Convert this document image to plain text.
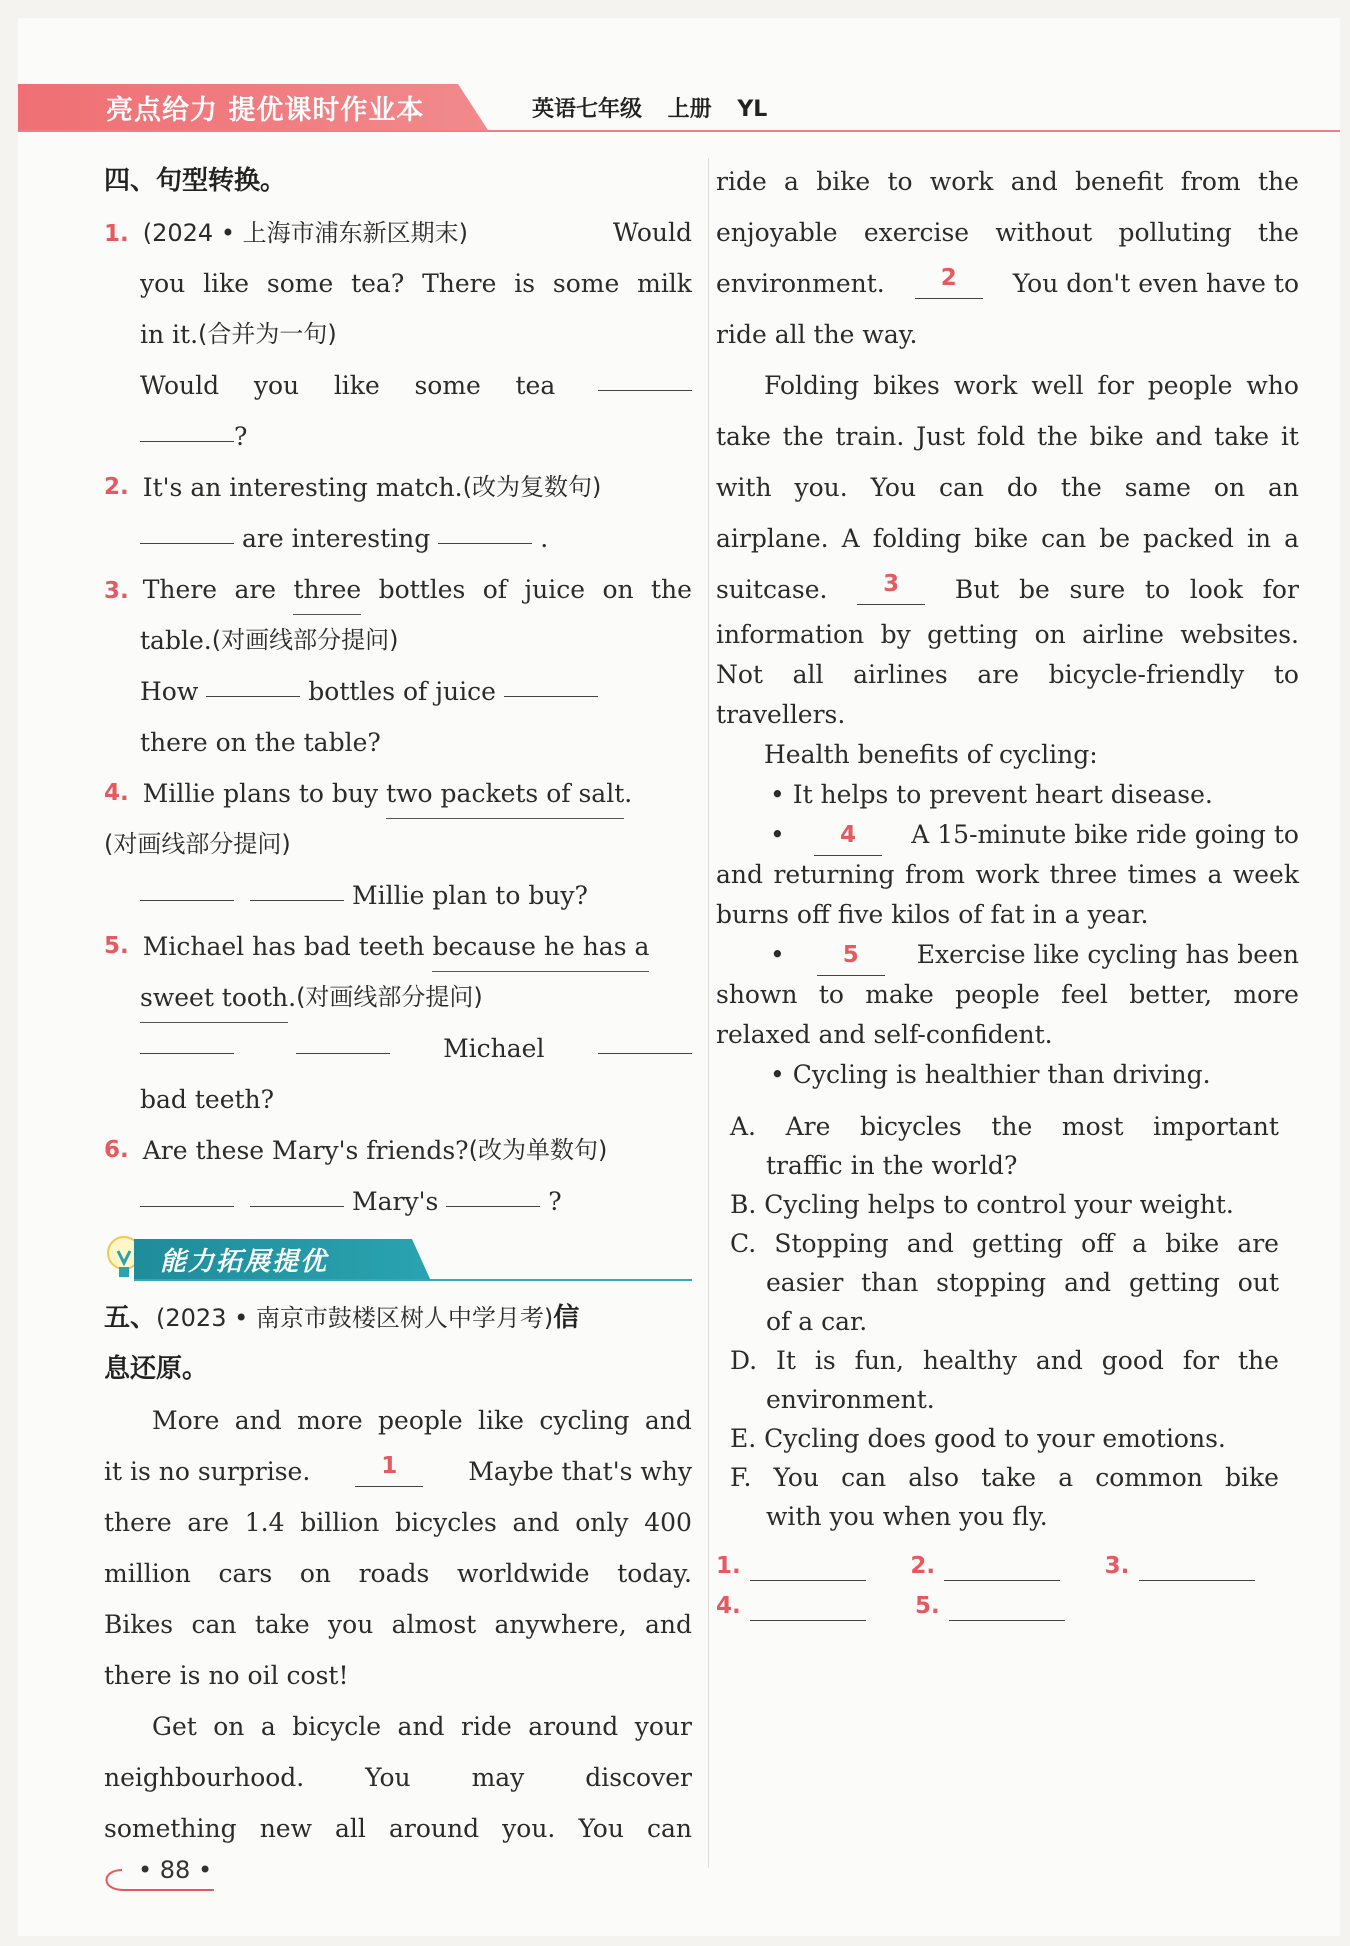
亮点给力 提优课时作业本	英语七年级 上册 YL
四、句型转换。
1. (2024 • 上海市浦东新区期末)	Would
you like some tea? There is some milk
in it. (合并为一句)
Would you like some tea
?
2. It's an interesting match. (改为复数句)
are interesting	.
3. There are three bottles of juice on the
table. (对画线部分提问)
How	bottles of juice
there on the table?
4. Millie plans to buy
two packets of salt .
(对画线部分提问)
Millie plan to buy?
5. Michael has bad teeth
because he has a
sweet tooth . (对画线部分提问)
Michael
bad teeth?
6. Are these Mary's friends? (改为单数句)
Mary's	?
能力拓展提优
五、 (2023 • 南京市鼓楼区树人中学月考) 信
息还原。
More and more people like cycling and
it is no surprise.	1	Maybe that's why
there are 1.4 billion bicycles and only 400
million cars on roads worldwide today.
Bikes can take you almost anywhere, and
there is no oil cost!
Get on a bicycle and ride around your
neighbourhood. You may discover
something new all around you. You can
ride a bike to work and benefit from the
enjoyable exercise without polluting the
environment.	2	You don't even have to
ride all the way.
Folding bikes work well for people who
take the train. Just fold the bike and take it
with you. You can do the same on an
airplane. A folding bike can be packed in a
suitcase.	3	But be sure to look for
information by getting on airline websites.
Not all airlines are bicycle-friendly to
travellers.
Health benefits of cycling:
• It helps to prevent heart disease.
•	4	A 15-minute bike ride going to
and returning from work three times a week
burns off five kilos of fat in a year.
•	5	Exercise like cycling has been
shown to make people feel better, more
relaxed and self-confident.
• Cycling is healthier than driving.
A. Are bicycles the most important
traffic in the world?
B. Cycling helps to control your weight.
C. Stopping and getting off a bike are
easier than stopping and getting out
of a car.
D. It is fun, healthy and good for the
environment.
E. Cycling does good to your emotions.
F. You can also take a common bike
with you when you fly.
1.	2.	3.
4.	5.
• 88 •
